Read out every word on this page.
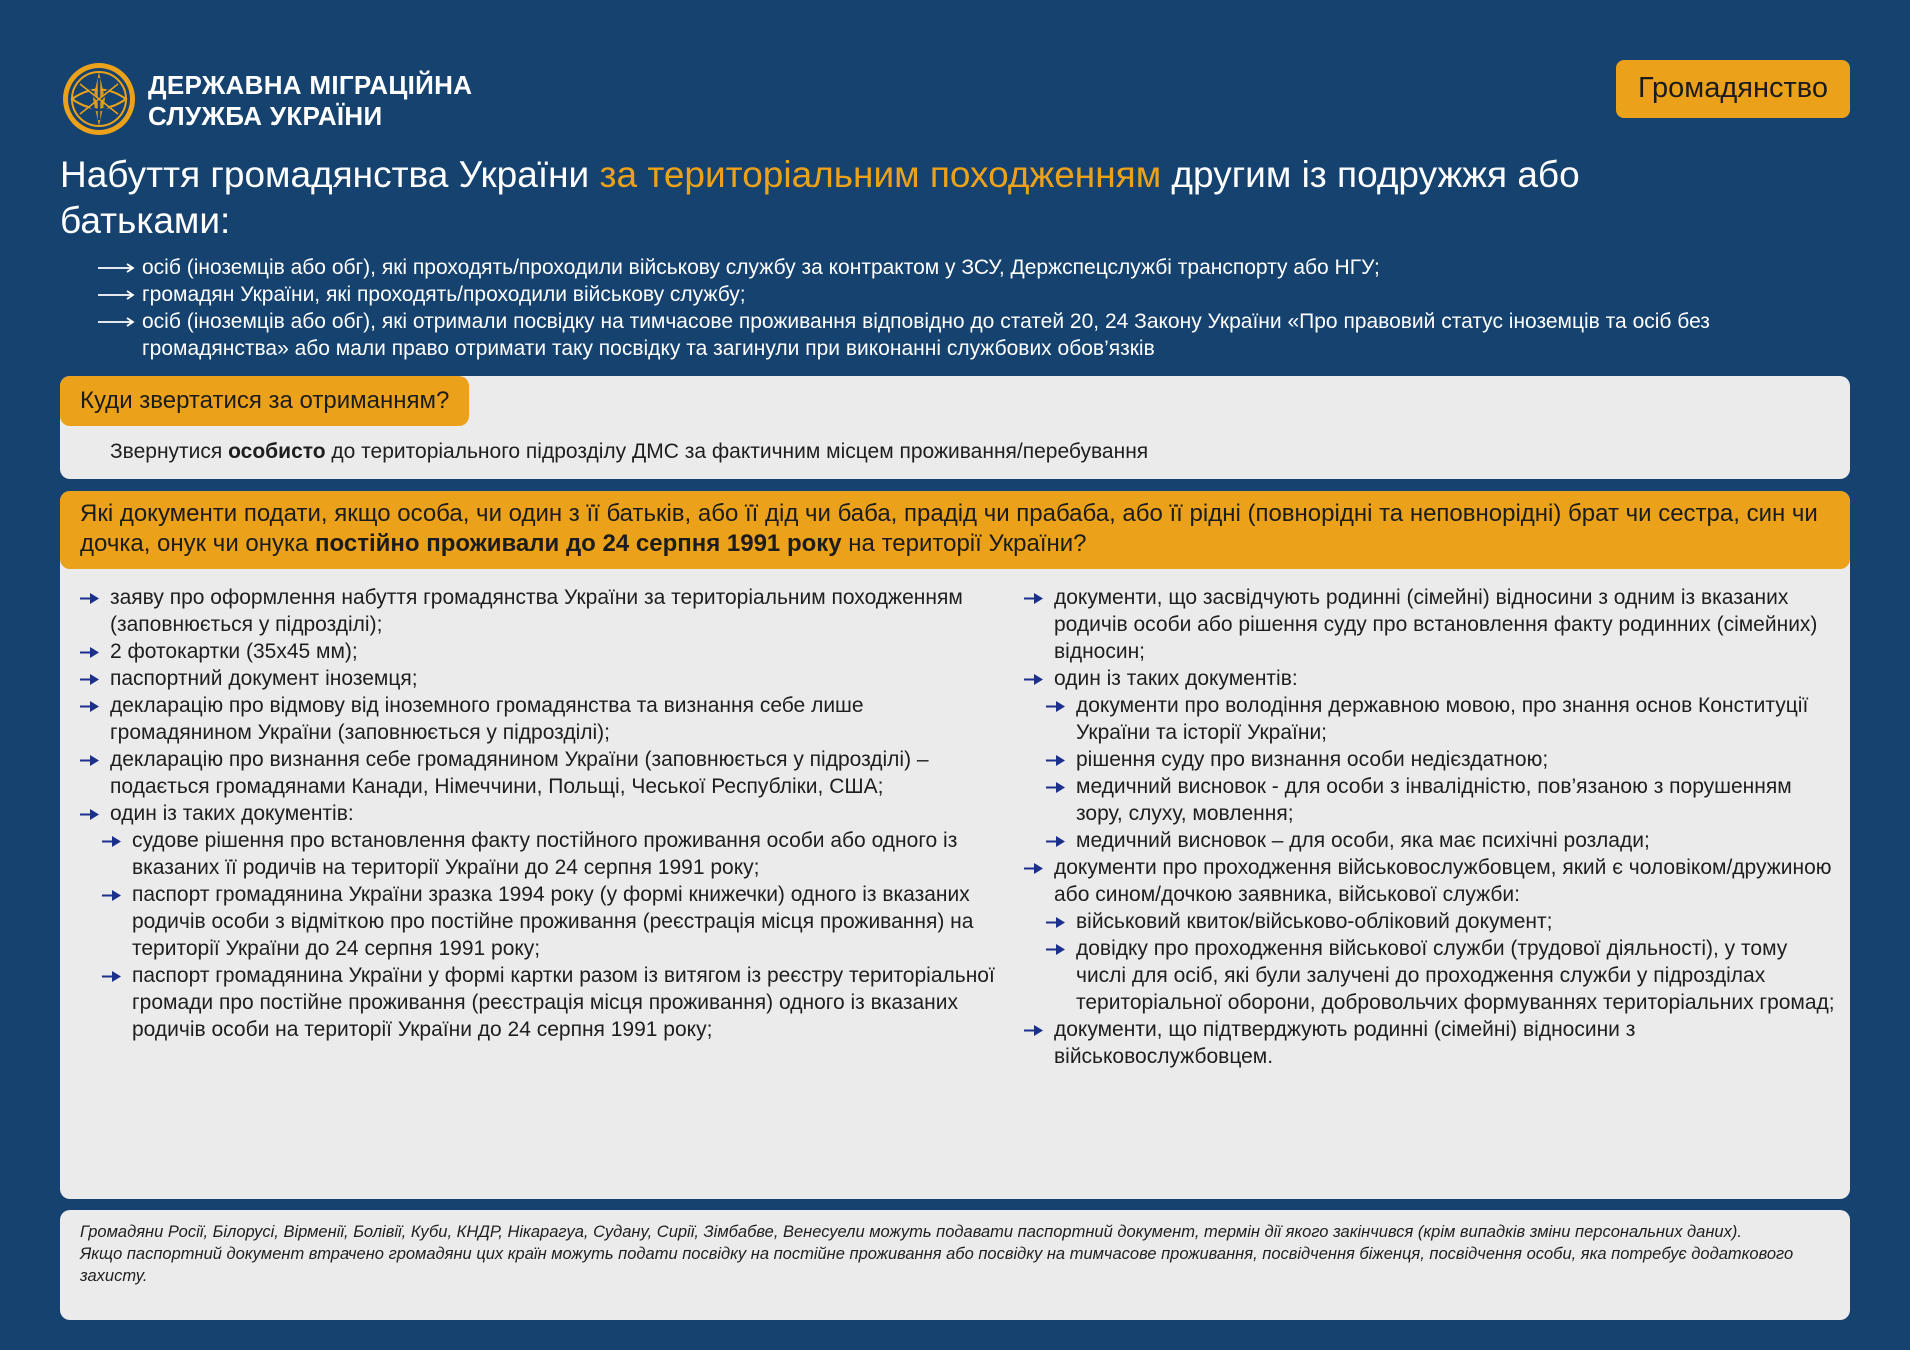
ДЕРЖАВНА МІГРАЦІЙНА
СЛУЖБА УКРАЇНИ
Громадянство
Набуття громадянства України за територіальним походженням другим із подружжя або батьками:
осіб (іноземців або обг), які проходять/проходили військову службу за контрактом у ЗСУ, Держспецслужбі транспорту або НГУ;
громадян України, які проходять/проходили військову службу;
осіб (іноземців або обг), які отримали посвідку на тимчасове проживання відповідно до статей 20, 24 Закону України «Про правовий статус іноземців та осіб без громадянства» або мали право отримати таку посвідку та загинули при виконанні службових обов’язків
Куди звертатися за отриманням?
Звернутися особисто до територіального підрозділу ДМС за фактичним місцем проживання/перебування
Які документи подати, якщо особа, чи один з її батьків, або її дід чи баба, прадід чи прабаба, або її рідні (повнорідні та неповнорідні) брат чи сестра, син чи дочка, онук чи онука постійно проживали до 24 серпня 1991 року на території України?
заяву про оформлення набуття громадянства України за територіальним походженням (заповнюється у підрозділі);
2 фотокартки (35х45 мм);
паспортний документ іноземця;
декларацію про відмову від іноземного громадянства та визнання себе лише громадянином України (заповнюється у підрозділі);
декларацію про визнання себе громадянином України (заповнюється у підрозділі) – подається громадянами Канади, Німеччини, Польщі, Чеської Республіки, США;
один із таких документів:
судове рішення про встановлення факту постійного проживання особи або одного із вказаних її родичів на території України до 24 серпня 1991 року;
паспорт громадянина України зразка 1994 року (у формі книжечки) одного із вказаних родичів особи з відміткою про постійне проживання (реєстрація місця проживання) на території України до 24 серпня 1991 року;
паспорт громадянина України у формі картки разом із витягом із реєстру територіальної громади про постійне проживання (реєстрація місця проживання) одного із вказаних родичів особи на території України до 24 серпня 1991 року;
документи, що засвідчують родинні (сімейні) відносини з одним із вказаних родичів особи або рішення суду про встановлення факту родинних (сімейних) відносин;
один із таких документів:
документи про володіння державною мовою, про знання основ Конституції України та історії України;
рішення суду про визнання особи недієздатною;
медичний висновок - для особи з інвалідністю, пов’язаною з порушенням зору, слуху, мовлення;
медичний висновок – для особи, яка має психічні розлади;
документи про проходження військовослужбовцем, який є чоловіком/дружиною або сином/дочкою заявника, військової служби:
військовий квиток/військово-обліковий документ;
довідку про проходження військової служби (трудової діяльності), у тому числі для осіб, які були залучені до проходження служби у підрозділах територіальної оборони, добровольчих формуваннях територіальних громад;
документи, що підтверджують родинні (сімейні) відносини з військовослужбовцем.
Громадяни Росії, Білорусі, Вірменії, Болівії, Куби, КНДР, Нікарагуа, Судану, Сирії, Зімбабве, Венесуели можуть подавати паспортний документ, термін дії якого закінчився (крім випадків зміни персональних даних).
Якщо паспортний документ втрачено громадяни цих країн можуть подати посвідку на постійне проживання або посвідку на тимчасове проживання, посвідчення біженця, посвідчення особи, яка потребує додаткового захисту.
